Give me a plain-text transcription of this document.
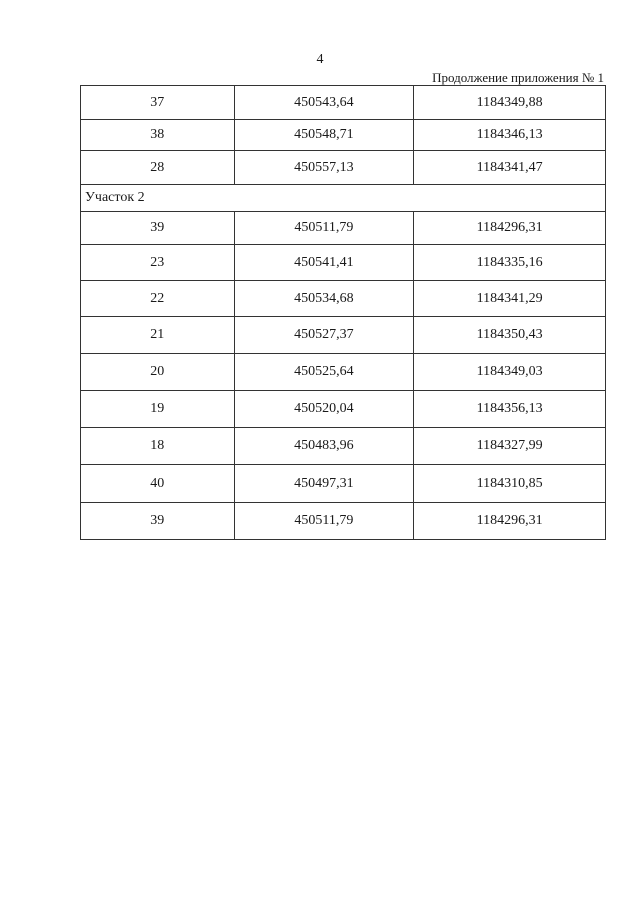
4
Продолжение приложения № 1
37	450543,64	1184349,88
38	450548,71	1184346,13
28	450557,13	1184341,47
Участок 2		
39	450511,79	1184296,31
23	450541,41	1184335,16
22	450534,68	1184341,29
21	450527,37	1184350,43
20	450525,64	1184349,03
19	450520,04	1184356,13
18	450483,96	1184327,99
40	450497,31	1184310,85
39	450511,79	1184296,31
